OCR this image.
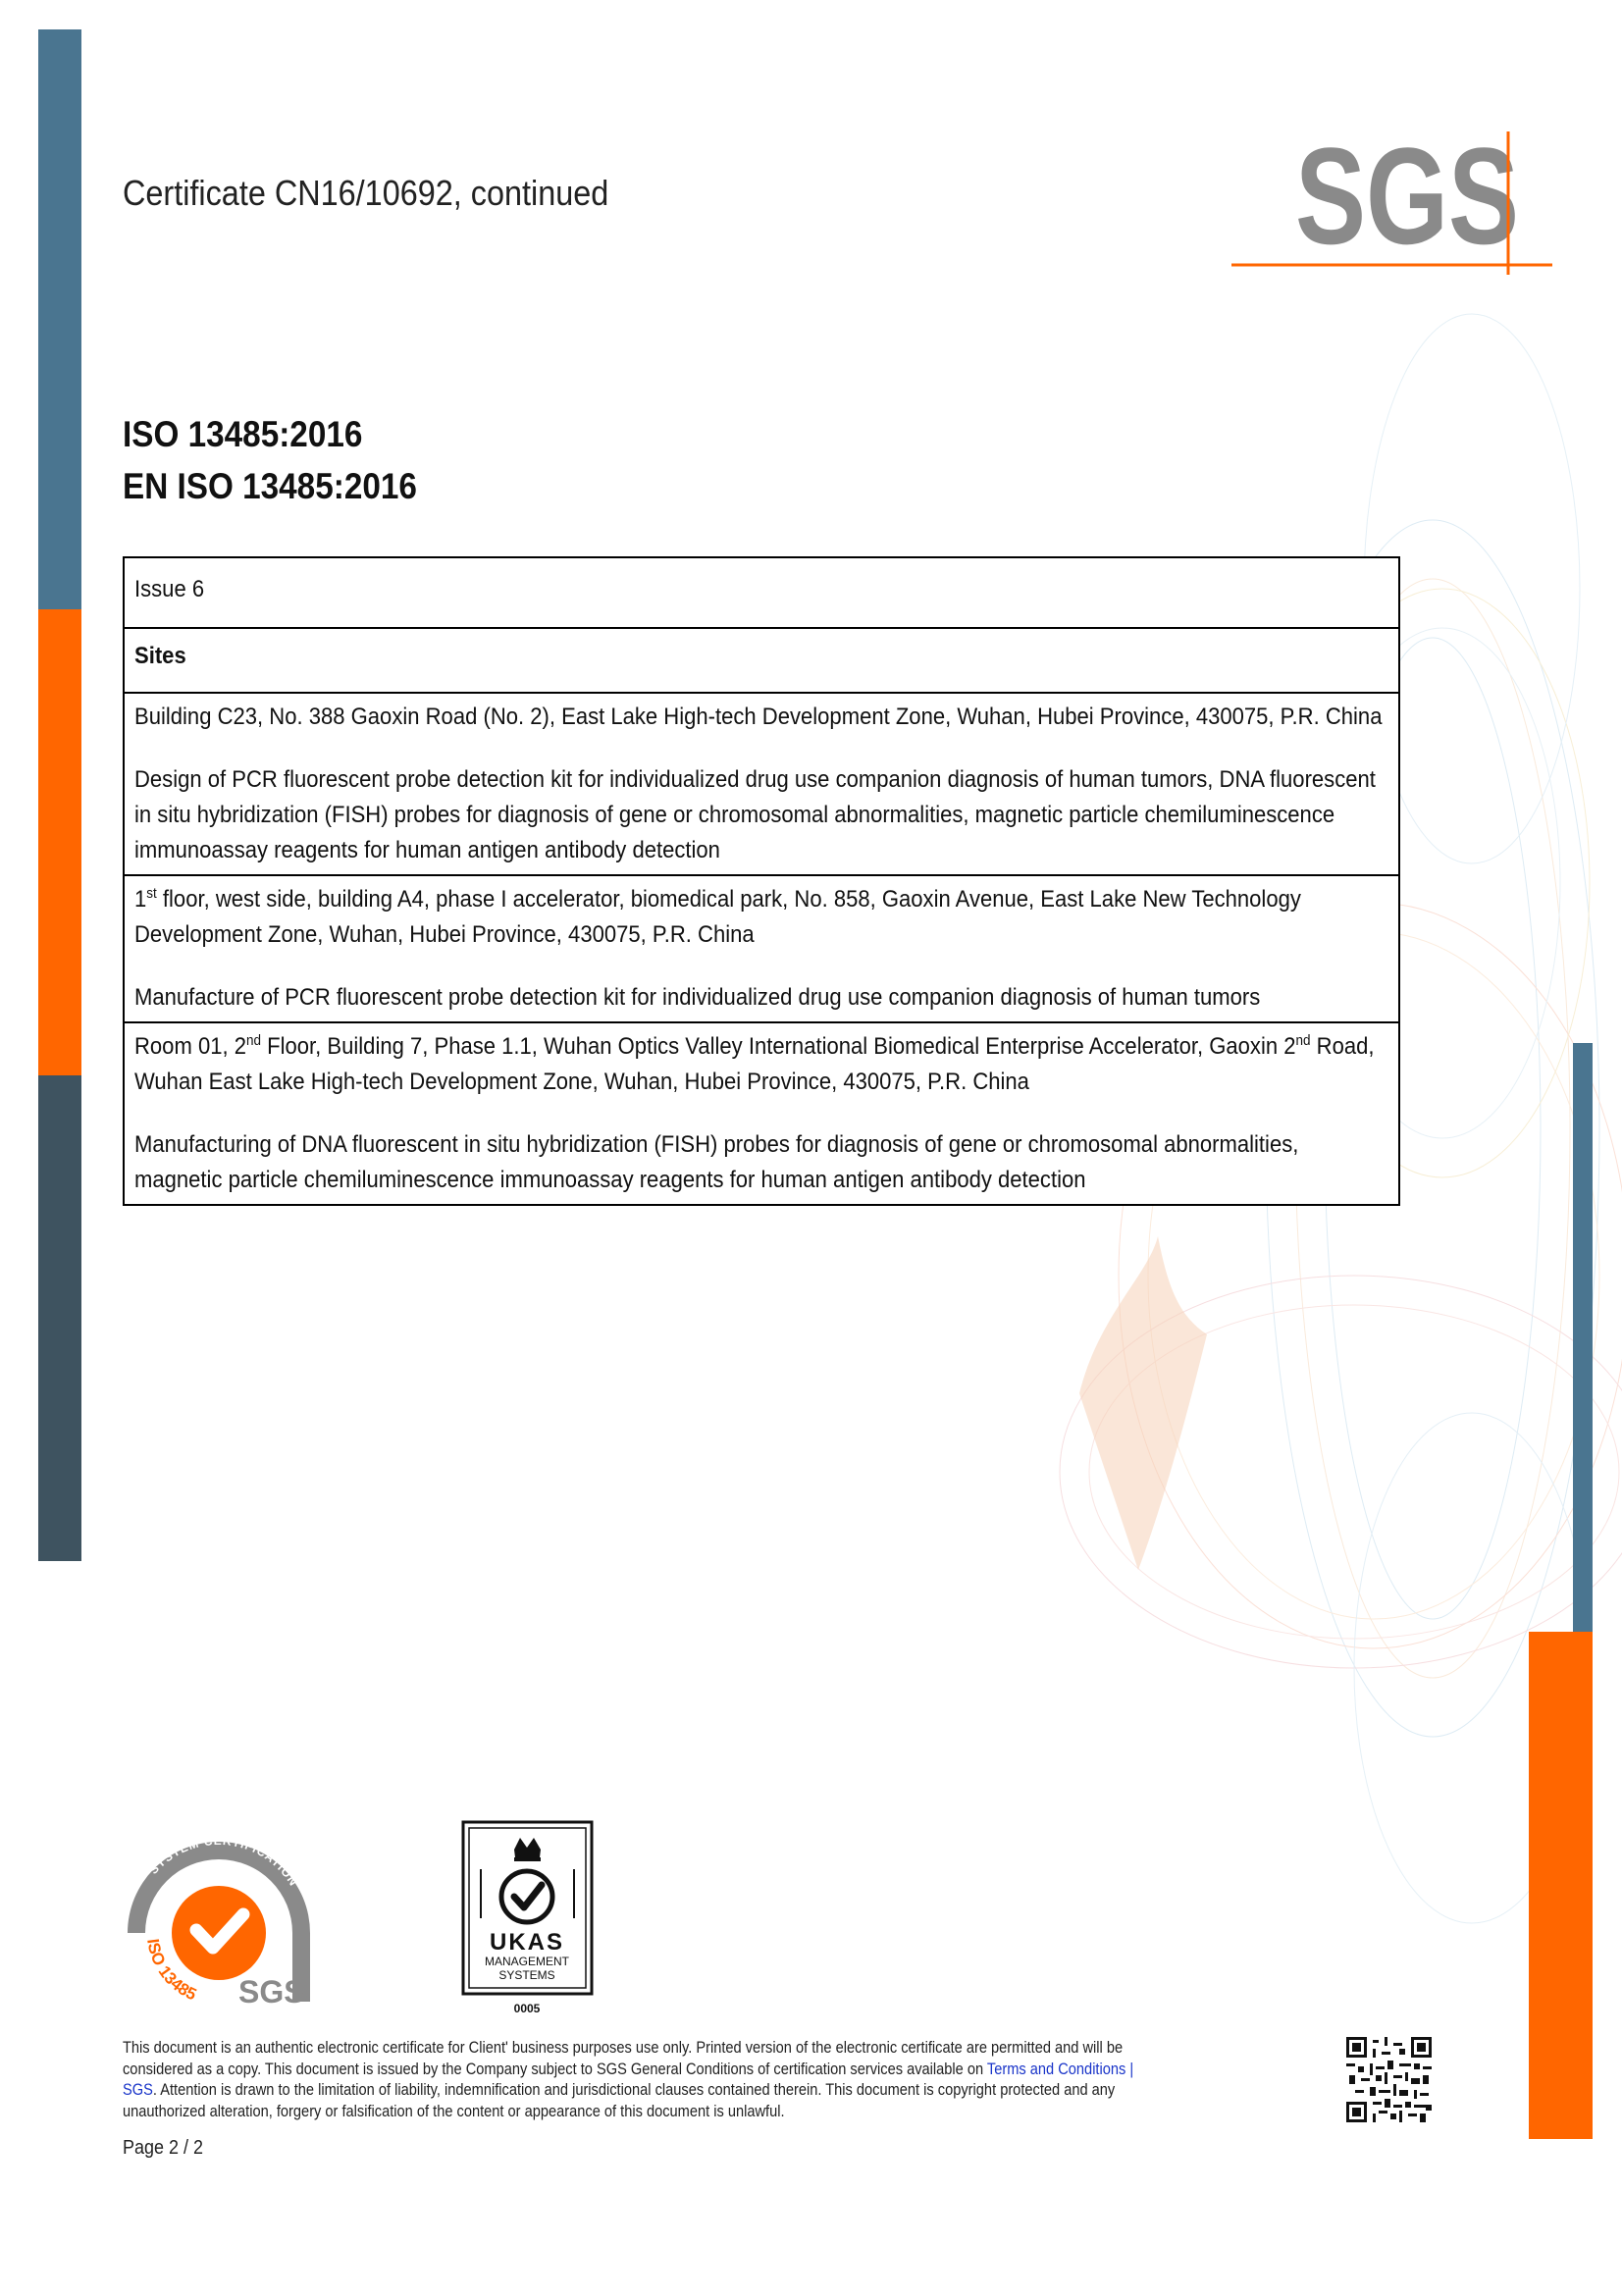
Certificate CN16/10692, continued	SGS
ISO 13485:2016
EN ISO 13485:2016
Issue 6

Sites

Building C23, No. 388 Gaoxin Road (No. 2), East Lake High-tech Development Zone, Wuhan, Hubei Province, 430075, P.R. China

Design of PCR fluorescent probe detection kit for individualized drug use companion diagnosis of human tumors, DNA fluorescent in situ hybridization (FISH) probes for diagnosis of gene or chromosomal abnormalities, magnetic particle chemiluminescence immunoassay reagents for human antigen antibody detection

1st floor, west side, building A4, phase I accelerator, biomedical park, No. 858, Gaoxin Avenue, East Lake New Technology Development Zone, Wuhan, Hubei Province, 430075, P.R. China

Manufacture of PCR fluorescent probe detection kit for individualized drug use companion diagnosis of human tumors

Room 01, 2nd Floor, Building 7, Phase 1.1, Wuhan Optics Valley International Biomedical Enterprise Accelerator, Gaoxin 2nd Road, Wuhan East Lake High-tech Development Zone, Wuhan, Hubei Province, 430075, P.R. China

Manufacturing of DNA fluorescent in situ hybridization (FISH) probes for diagnosis of gene or chromosomal abnormalities, magnetic particle chemiluminescence immunoassay reagents for human antigen antibody detection

SYSTEM CERTIFICATION
ISO 13485 SGS
UKAS
MANAGEMENT
SYSTEMS
0005
This document is an authentic electronic certificate for Client' business purposes use only. Printed version of the electronic certificate are permitted and will be considered as a copy. This document is issued by the Company subject to SGS General Conditions of certification services available on Terms and Conditions | SGS. Attention is drawn to the limitation of liability, indemnification and jurisdictional clauses contained therein. This document is copyright protected and any unauthorized alteration, forgery or falsification of the content or appearance of this document is unlawful.
Page 2 / 2
